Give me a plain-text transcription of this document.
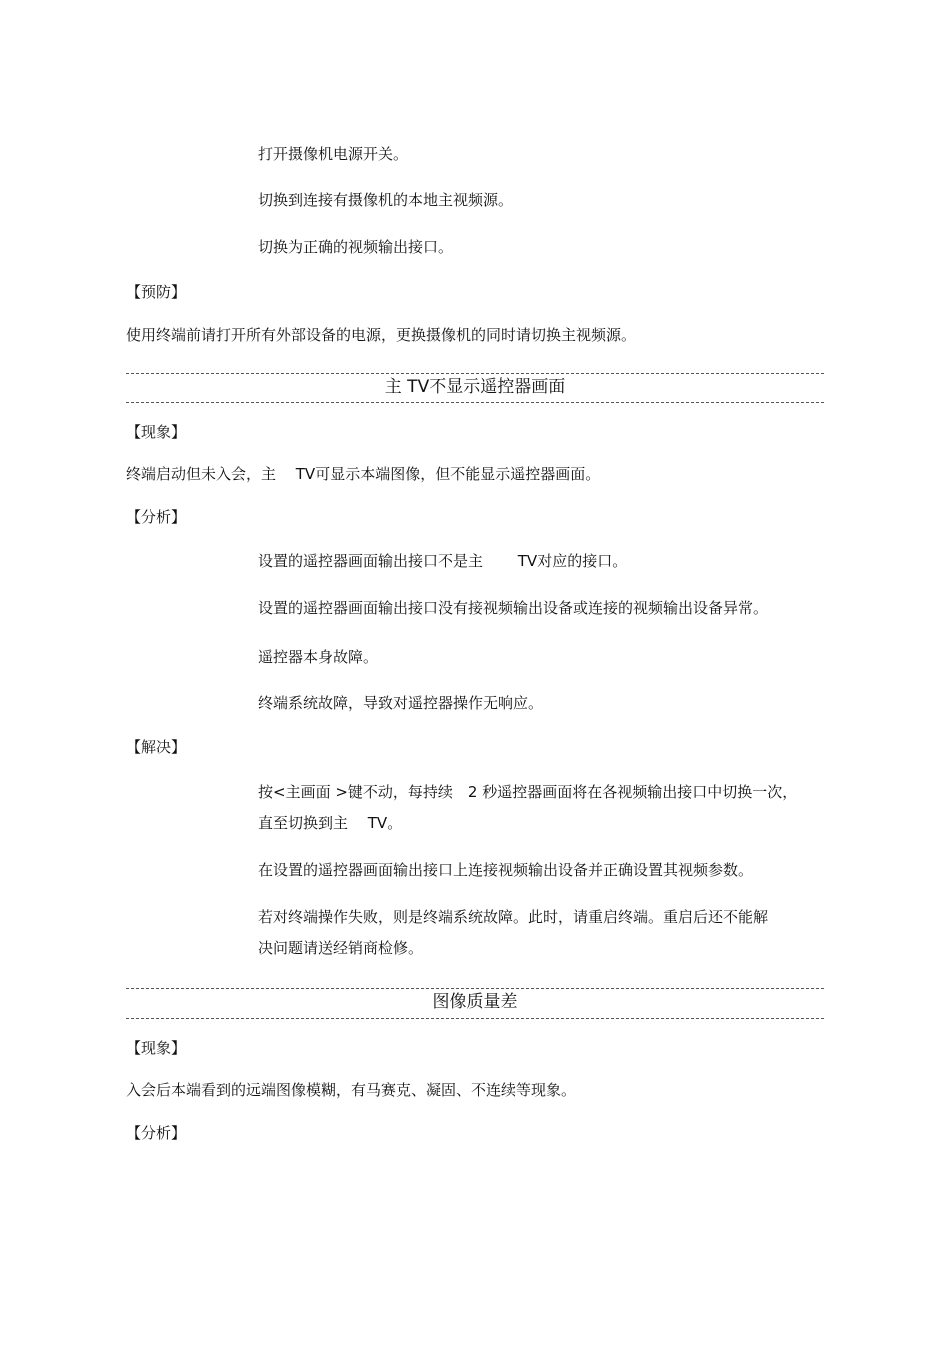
打开摄像机电源开关。
切换到连接有摄像机的本地主视频源。
切换为正确的视频输出接口。
【预防】
使用终端前请打开所有外部设备的电源，更换摄像机的同时请切换主视频源。
主 TV不显示遥控器画面
【现象】
终端启动但未入会，主　 TV可显示本端图像，但不能显示遥控器画面。
【分析】
设置的遥控器画面输出接口不是主　　 TV对应的接口。
设置的遥控器画面输出接口没有接视频输出设备或连接的视频输出设备异常。
遥控器本身故障。
终端系统故障，导致对遥控器操作无响应。
【解决】
按<主画面 >键不动，每持续　2 秒遥控器画面将在各视频输出接口中切换一次，
直至切换到主　 TV。
在设置的遥控器画面输出接口上连接视频输出设备并正确设置其视频参数。
若对终端操作失败，则是终端系统故障。此时，请重启终端。重启后还不能解
决问题请送经销商检修。
图像质量差
【现象】
入会后本端看到的远端图像模糊，有马赛克、凝固、不连续等现象。
【分析】
